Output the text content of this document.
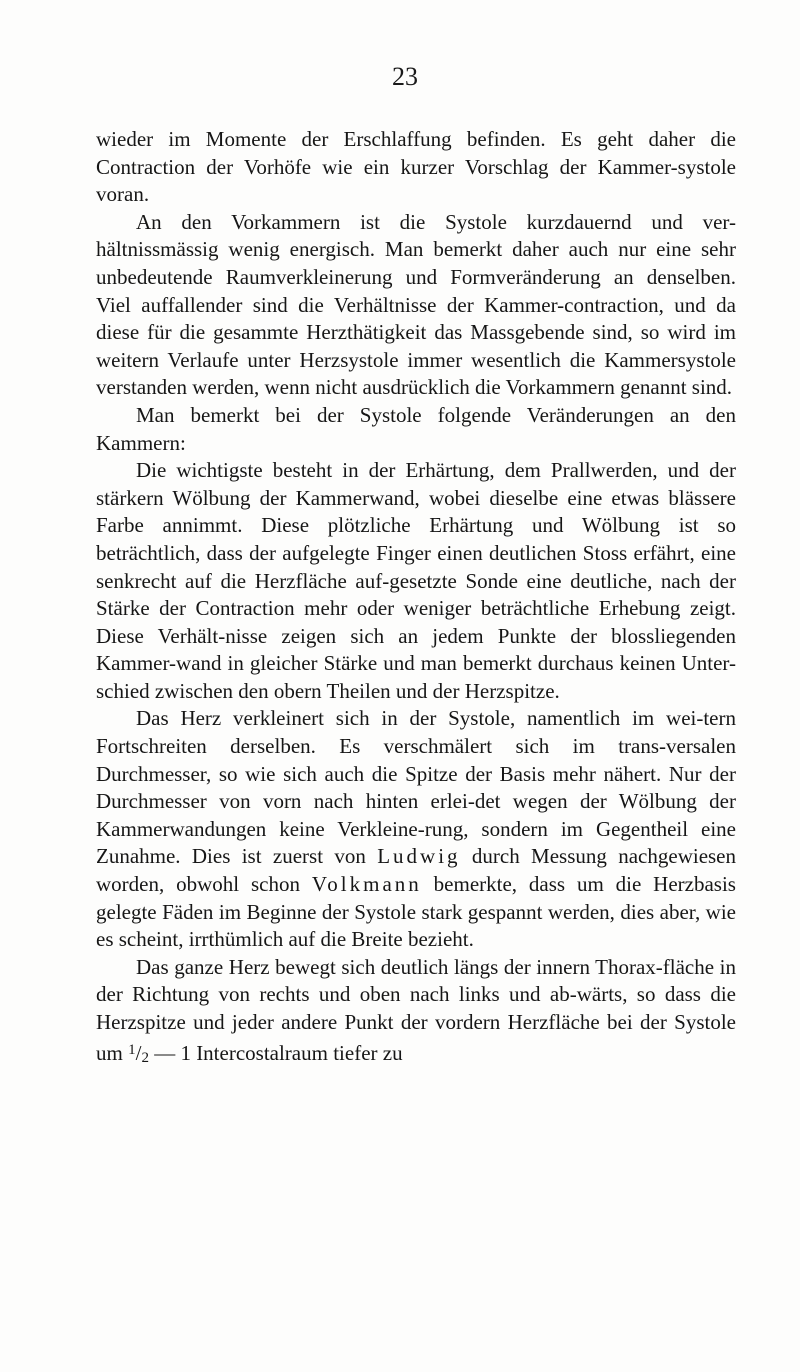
23

wieder im Momente der Erschlaffung befinden. Es geht daher die Contraction der Vorhöfe wie ein kurzer Vorschlag der Kammer-systole voran.

An den Vorkammern ist die Systole kurzdauernd und ver-hältnissmässig wenig energisch. Man bemerkt daher auch nur eine sehr unbedeutende Raumverkleinerung und Formveränderung an denselben. Viel auffallender sind die Verhältnisse der Kammer-contraction, und da diese für die gesammte Herzthätigkeit das Massgebende sind, so wird im weitern Verlaufe unter Herzsystole immer wesentlich die Kammersystole verstanden werden, wenn nicht ausdrücklich die Vorkammern genannt sind.

Man bemerkt bei der Systole folgende Veränderungen an den Kammern:

Die wichtigste besteht in der Erhärtung, dem Prallwerden, und der stärkern Wölbung der Kammerwand, wobei dieselbe eine etwas blässere Farbe annimmt. Diese plötzliche Erhärtung und Wölbung ist so beträchtlich, dass der aufgelegte Finger einen deutlichen Stoss erfährt, eine senkrecht auf die Herzfläche auf-gesetzte Sonde eine deutliche, nach der Stärke der Contraction mehr oder weniger beträchtliche Erhebung zeigt. Diese Verhält-nisse zeigen sich an jedem Punkte der blossliegenden Kammer-wand in gleicher Stärke und man bemerkt durchaus keinen Unter-schied zwischen den obern Theilen und der Herzspitze.

Das Herz verkleinert sich in der Systole, namentlich im wei-tern Fortschreiten derselben. Es verschmälert sich im trans-versalen Durchmesser, so wie sich auch die Spitze der Basis mehr nähert. Nur der Durchmesser von vorn nach hinten erlei-det wegen der Wölbung der Kammerwandungen keine Verkleine-rung, sondern im Gegentheil eine Zunahme. Dies ist zuerst von Ludwig durch Messung nachgewiesen worden, obwohl schon Volkmann bemerkte, dass um die Herzbasis gelegte Fäden im Beginne der Systole stark gespannt werden, dies aber, wie es scheint, irrthümlich auf die Breite bezieht.

Das ganze Herz bewegt sich deutlich längs der innern Thorax-fläche in der Richtung von rechts und oben nach links und ab-wärts, so dass die Herzspitze und jeder andere Punkt der vordern Herzfläche bei der Systole um $^1$/2 — 1 Intercostalraum tiefer zu
